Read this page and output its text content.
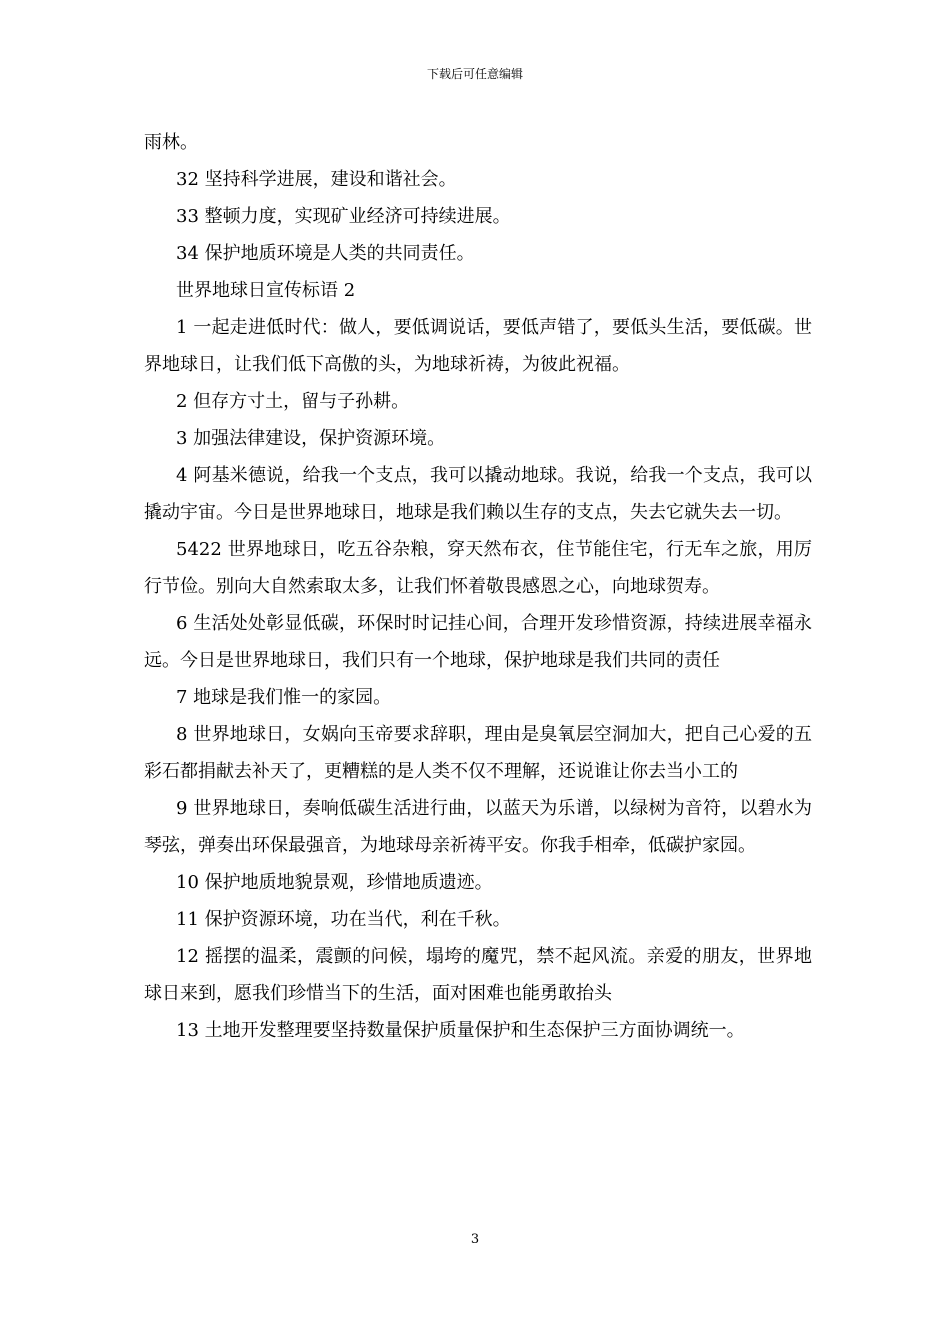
下载后可任意编辑

雨林。

32 坚持科学进展，建设和谐社会。

33 整顿力度，实现矿业经济可持续进展。

34 保护地质环境是人类的共同责任。

世界地球日宣传标语 2

1 一起走进低时代：做人，要低调说话，要低声错了，要低头生活，要低碳。世界地球日，让我们低下高傲的头，为地球祈祷，为彼此祝福。

2 但存方寸土，留与子孙耕。

3 加强法律建设，保护资源环境。

4 阿基米德说，给我一个支点，我可以撬动地球。我说，给我一个支点，我可以撬动宇宙。今日是世界地球日，地球是我们赖以生存的支点，失去它就失去一切。

5422 世界地球日，吃五谷杂粮，穿天然布衣，住节能住宅，行无车之旅，用厉行节俭。别向大自然索取太多，让我们怀着敬畏感恩之心，向地球贺寿。

6 生活处处彰显低碳，环保时时记挂心间，合理开发珍惜资源，持续进展幸福永远。今日是世界地球日，我们只有一个地球，保护地球是我们共同的责任

7 地球是我们惟一的家园。

8 世界地球日，女娲向玉帝要求辞职，理由是臭氧层空洞加大，把自己心爱的五彩石都捐献去补天了，更糟糕的是人类不仅不理解，还说谁让你去当小工的

9 世界地球日，奏响低碳生活进行曲，以蓝天为乐谱，以绿树为音符，以碧水为琴弦，弹奏出环保最强音，为地球母亲祈祷平安。你我手相牵，低碳护家园。

10 保护地质地貌景观，珍惜地质遗迹。

11 保护资源环境，功在当代，利在千秋。

12 摇摆的温柔，震颤的问候，塌垮的魔咒，禁不起风流。亲爱的朋友，世界地球日来到，愿我们珍惜当下的生活，面对困难也能勇敢抬头

13 土地开发整理要坚持数量保护质量保护和生态保护三方面协调统一。

3
